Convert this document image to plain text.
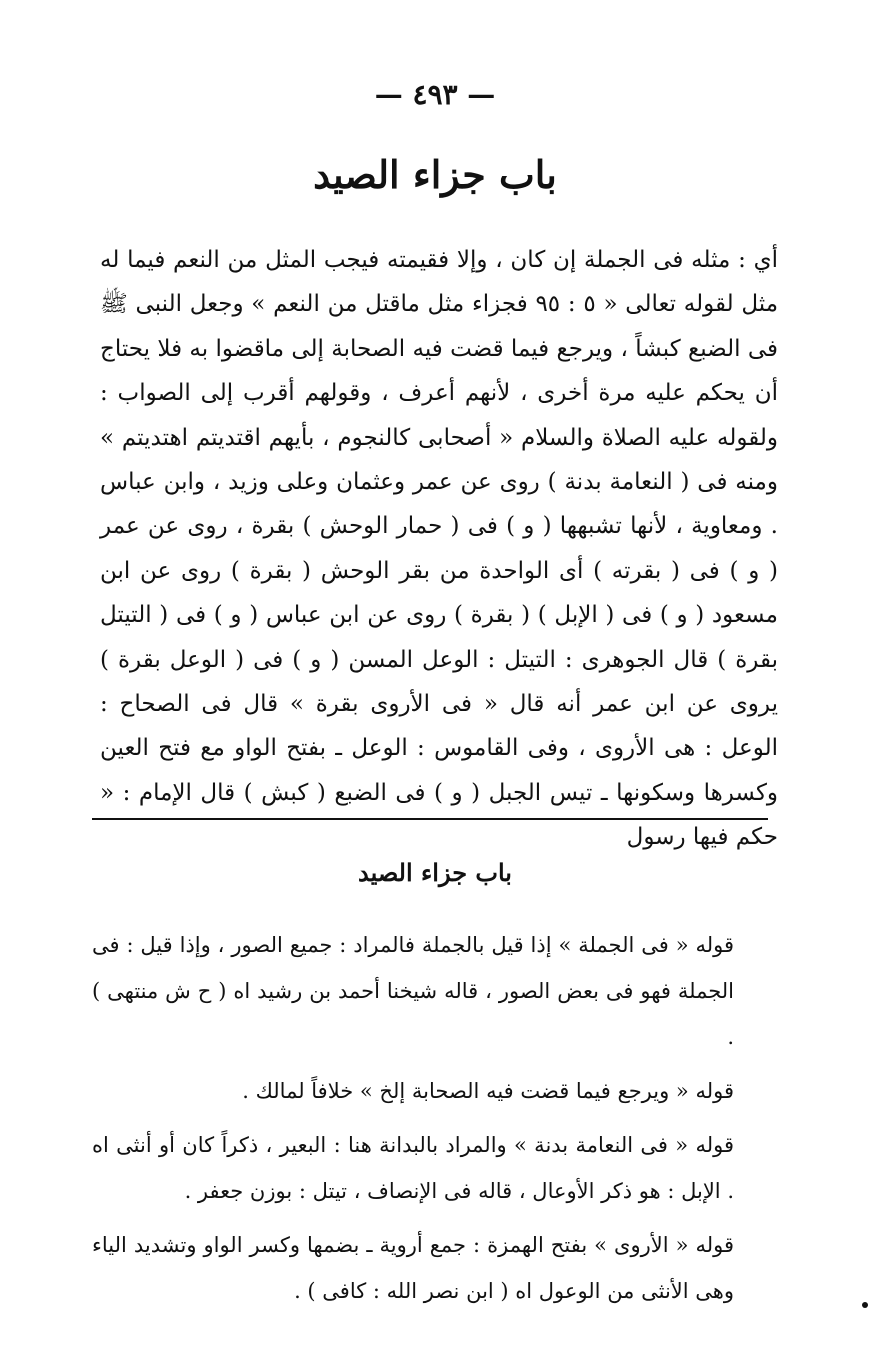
— ٤٩٣ —
باب جزاء الصيد

أي : مثله فى الجملة إن كان ، وإلا فقيمته فيجب المثل من النعم فيما له مثل لقوله تعالى « ٥ : ٩٥ فجزاء مثل ماقتل من النعم » وجعل النبى ﷺ فى الضبع كبشاً ، ويرجع فيما قضت فيه الصحابة إلى ماقضوا به فلا يحتاج أن يحكم عليه مرة أخرى ، لأنهم أعرف ، وقولهم أقرب إلى الصواب : ولقوله عليه الصلاة والسلام « أصحابى كالنجوم ، بأيهم اقتديتم اهتديتم » ومنه فى ( النعامة بدنة ) روى عن عمر وعثمان وعلى وزيد ، وابن عباس . ومعاوية ، لأنها تشبهها ( و ) فى ( حمار الوحش ) بقرة ، روى عن عمر ( و ) فى ( بقرته ) أى الواحدة من بقر الوحش ( بقرة ) روى عن ابن مسعود ( و ) فى ( الإبل ) ( بقرة ) روى عن ابن عباس ( و ) فى ( التيتل بقرة ) قال الجوهرى : التيتل : الوعل المسن ( و ) فى ( الوعل بقرة ) يروى عن ابن عمر أنه قال « فى الأروى بقرة » قال فى الصحاح : الوعل : هى الأروى ، وفى القاموس : الوعل ـ بفتح الواو مع فتح العين وكسرها وسكونها ـ تيس الجبل ( و ) فى الضبع ( كبش ) قال الإمام : « حكم فيها رسول

باب جزاء الصيد

قوله « فى الجملة » إذا قيل بالجملة فالمراد : جميع الصور ، وإذا قيل : فى الجملة فهو فى بعض الصور ، قاله شيخنا أحمد بن رشيد اه ( ح ش منتهى ) .

قوله « ويرجع فيما قضت فيه الصحابة إلخ » خلافاً لمالك .

قوله « فى النعامة بدنة » والمراد بالبدانة هنا : البعير ، ذكراً كان أو أنثى اه . الإبل : هو ذكر الأوعال ، قاله فى الإنصاف ، تيتل : بوزن جعفر .

قوله « الأروى » بفتح الهمزة : جمع أروية ـ بضمها وكسر الواو وتشديد الياء وهى الأنثى من الوعول اه ( ابن نصر الله : كافى ) .
